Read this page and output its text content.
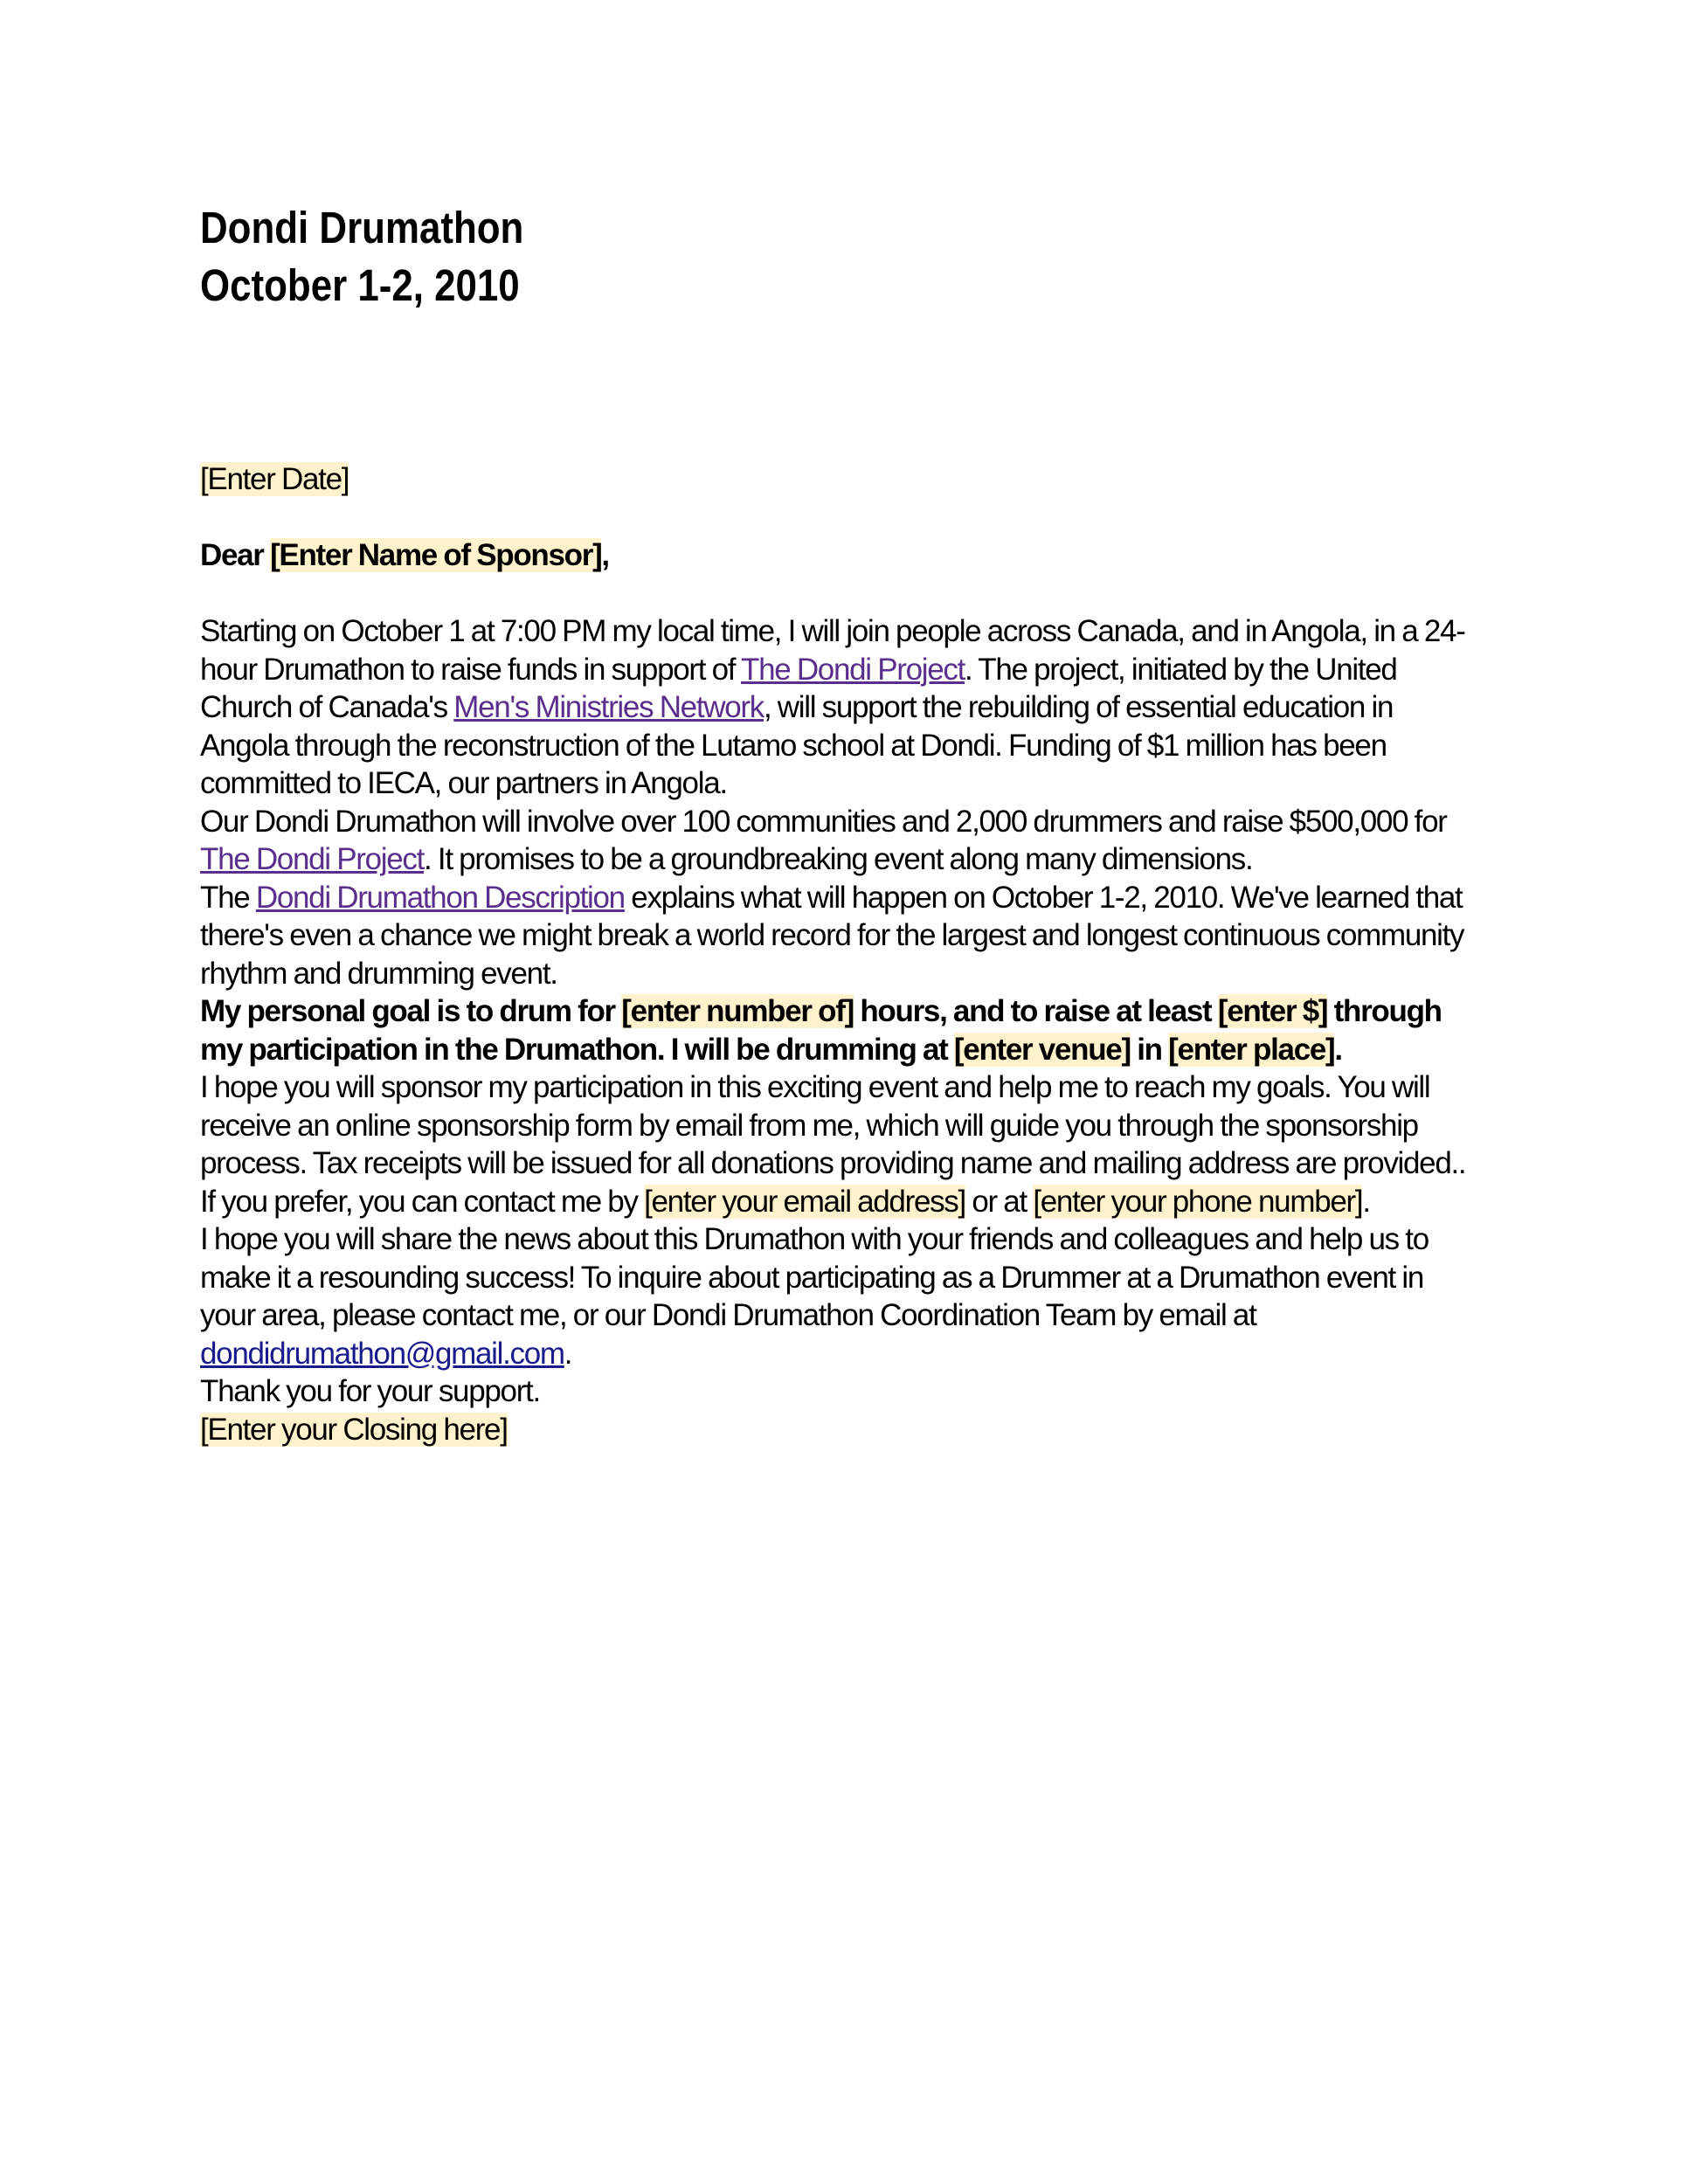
Dondi Drumathon
October 1-2, 2010

[Enter Date]

Dear [Enter Name of Sponsor],

Starting on October 1 at 7:00 PM my local time, I will join people across Canada, and in Angola, in a 24-hour Drumathon to raise funds in support of The Dondi Project. The project, initiated by the United Church of Canada's Men's Ministries Network, will support the rebuilding of essential education in Angola through the reconstruction of the Lutamo school at Dondi. Funding of $1 million has been committed to IECA, our partners in Angola.

Our Dondi Drumathon will involve over 100 communities and 2,000 drummers and raise $500,000 for The Dondi Project. It promises to be a groundbreaking event along many dimensions.

The Dondi Drumathon Description explains what will happen on October 1-2, 2010. We've learned that there's even a chance we might break a world record for the largest and longest continuous community rhythm and drumming event.

My personal goal is to drum for [enter number of] hours, and to raise at least [enter $] through my participation in the Drumathon. I will be drumming at [enter venue] in [enter place].

I hope you will sponsor my participation in this exciting event and help me to reach my goals. You will receive an online sponsorship form by email from me, which will guide you through the sponsorship process. Tax receipts will be issued for all donations providing name and mailing address are provided..

If you prefer, you can contact me by [enter your email address] or at [enter your phone number].

I hope you will share the news about this Drumathon with your friends and colleagues and help us to make it a resounding success! To inquire about participating as a Drummer at a Drumathon event in your area, please contact me, or our Dondi Drumathon Coordination Team by email at dondidrumathon@gmail.com.

Thank you for your support.

[Enter your Closing here]
